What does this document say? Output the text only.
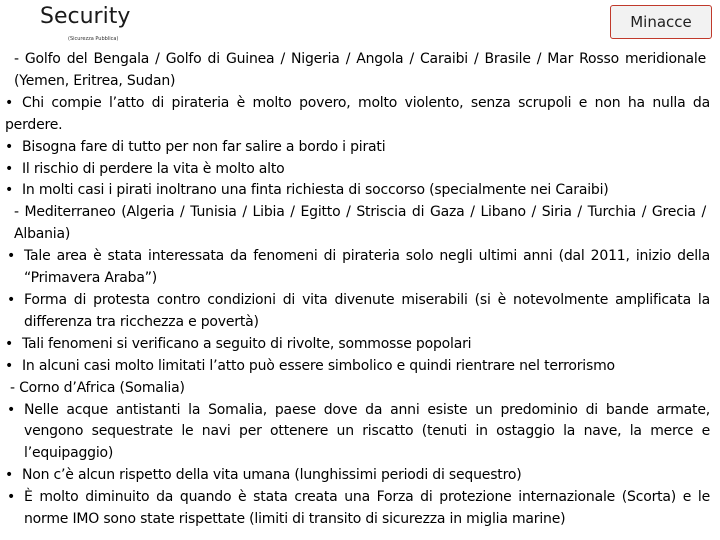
Security
(Sicurezza Pubblica)
Minacce

- Golfo del Bengala / Golfo di Guinea / Nigeria / Angola / Caraibi / Brasile / Mar Rosso meridionale (Yemen, Eritrea, Sudan)

• Chi compie l’atto di pirateria è molto povero, molto violento, senza scrupoli e non ha nulla da perdere.

• Bisogna fare di tutto per non far salire a bordo i pirati

• Il rischio di perdere la vita è molto alto

• In molti casi i pirati inoltrano una finta richiesta di soccorso (specialmente nei Caraibi)

- Mediterraneo (Algeria / Tunisia / Libia / Egitto / Striscia di Gaza / Libano / Siria / Turchia / Grecia / Albania)

• Tale area è stata interessata da fenomeni di pirateria solo negli ultimi anni (dal 2011, inizio della “Primavera Araba”)

• Forma di protesta contro condizioni di vita divenute miserabili (si è notevolmente amplificata la differenza tra ricchezza e povertà)

• Tali fenomeni si verificano a seguito di rivolte, sommosse popolari

• In alcuni casi molto limitati l’atto può essere simbolico e quindi rientrare nel terrorismo

- Corno d’Africa (Somalia)

• Nelle acque antistanti la Somalia, paese dove da anni esiste un predominio di bande armate, vengono sequestrate le navi per ottenere un riscatto (tenuti in ostaggio la nave, la merce e l’equipaggio)

• Non c’è alcun rispetto della vita umana (lunghissimi periodi di sequestro)

• È molto diminuito da quando è stata creata una Forza di protezione internazionale (Scorta) e le norme IMO sono state rispettate (limiti di transito di sicurezza in miglia marine)
